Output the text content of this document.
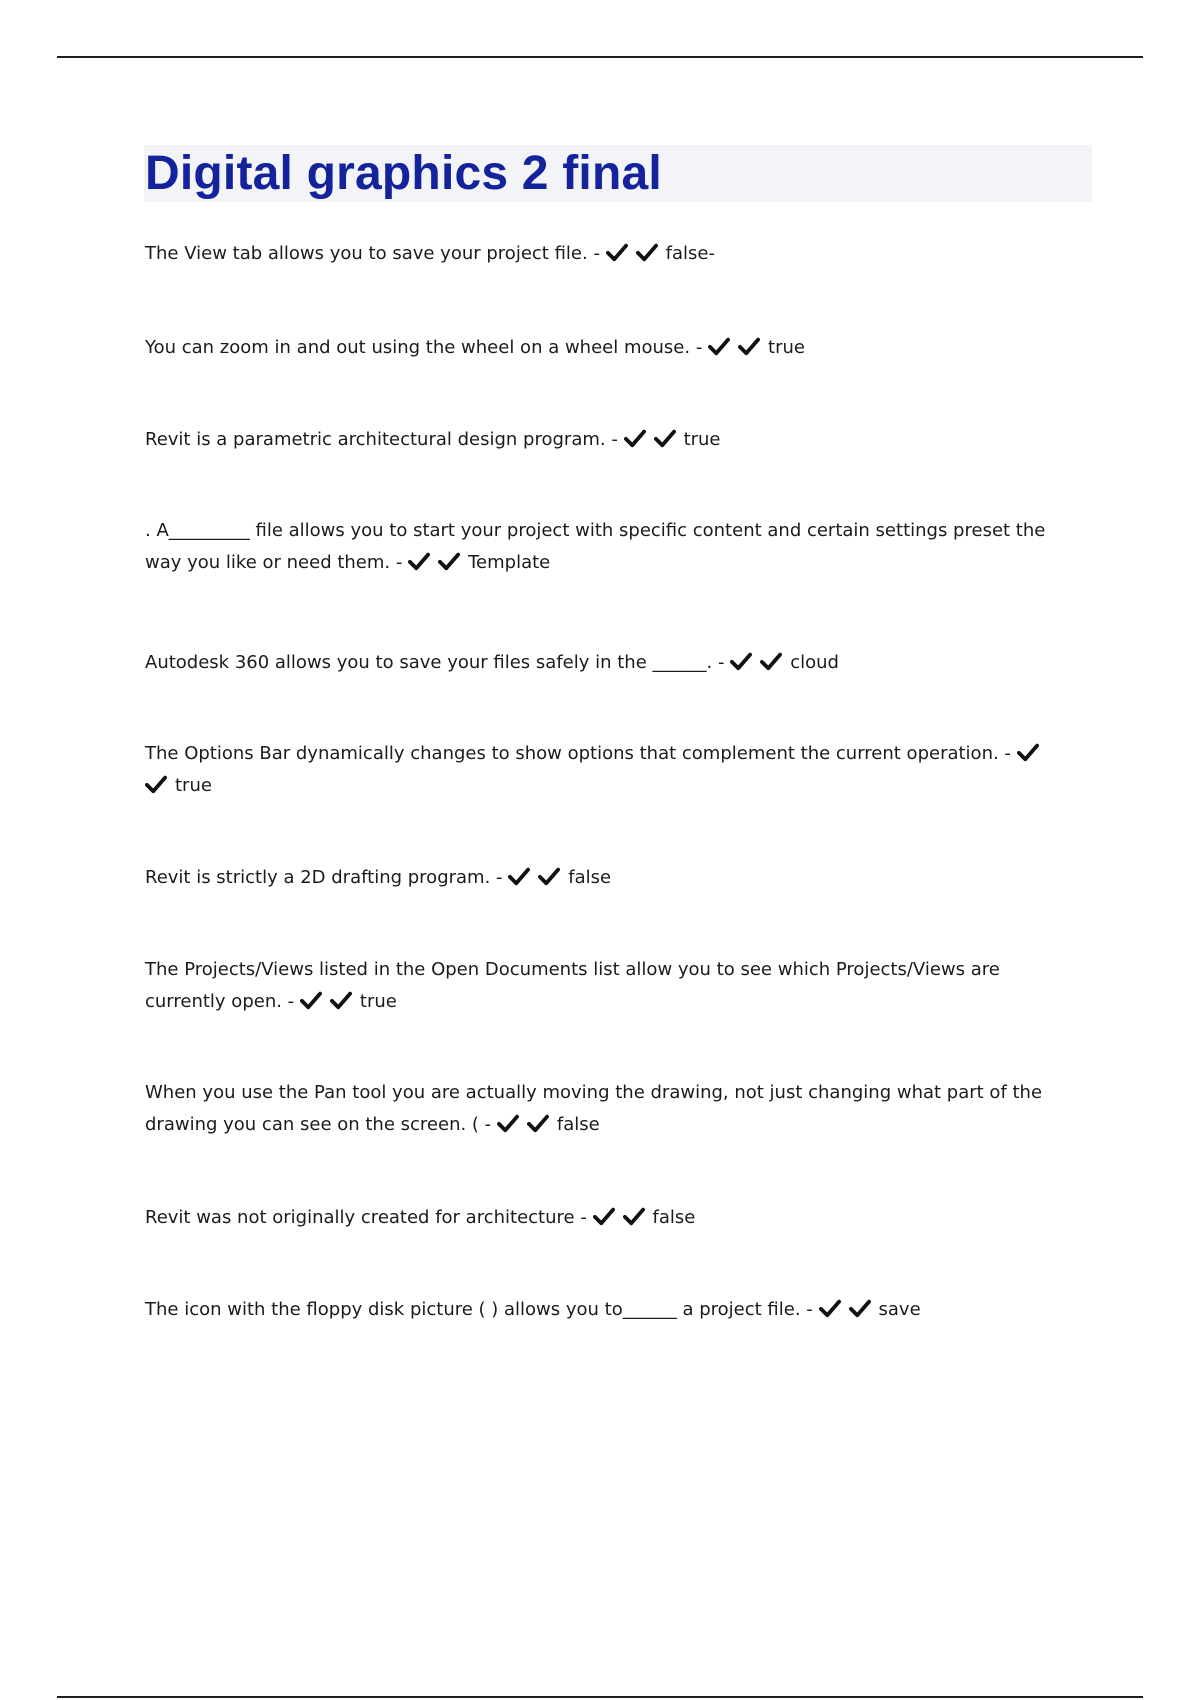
Digital graphics 2 final

The View tab allows you to save your project file. -	false-

You can zoom in and out using the wheel on a wheel mouse. -	true

Revit is a parametric architectural design program. -	true

. A_________ file allows you to start your project with specific content and certain settings preset the way you like or need them. -	Template

Autodesk 360 allows you to save your files safely in the ______. -	cloud

The Options Bar dynamically changes to show options that complement the current operation. -
true

Revit is strictly a 2D drafting program. -	false

The Projects/Views listed in the Open Documents list allow you to see which Projects/Views are currently open. -	true

When you use the Pan tool you are actually moving the drawing, not just changing what part of the drawing you can see on the screen. ( -	false

Revit was not originally created for architecture -	false

The icon with the floppy disk picture ( ) allows you to______ a project file. -	save
